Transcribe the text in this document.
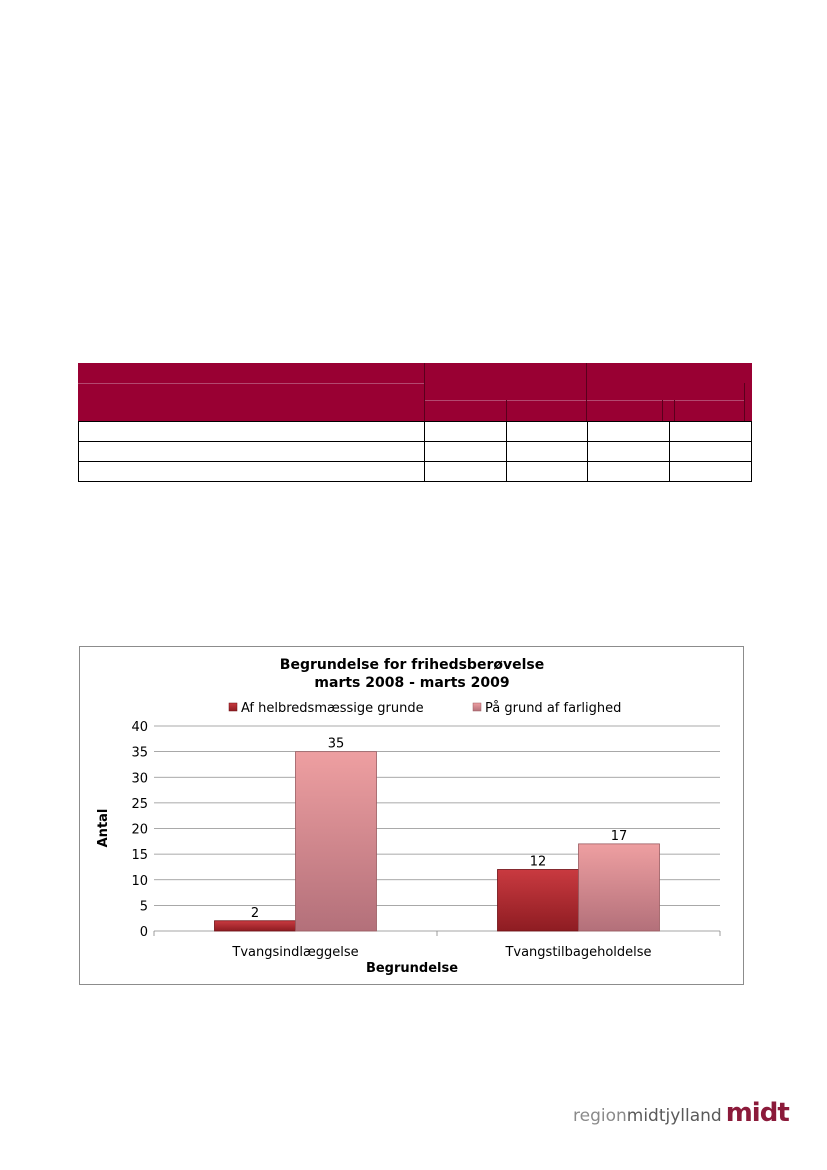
Begrundelse for frihedsberøvelse
marts 2008 - marts 2009
Af helbredsmæssige grunde	På grund af farlighed
0
5
10
15
20
25
30
35
40
2
35
12
17
Tvangsindlæggelse	Tvangstilbageholdelse
Begrundelse
Antal
regionmidtjylland midt
